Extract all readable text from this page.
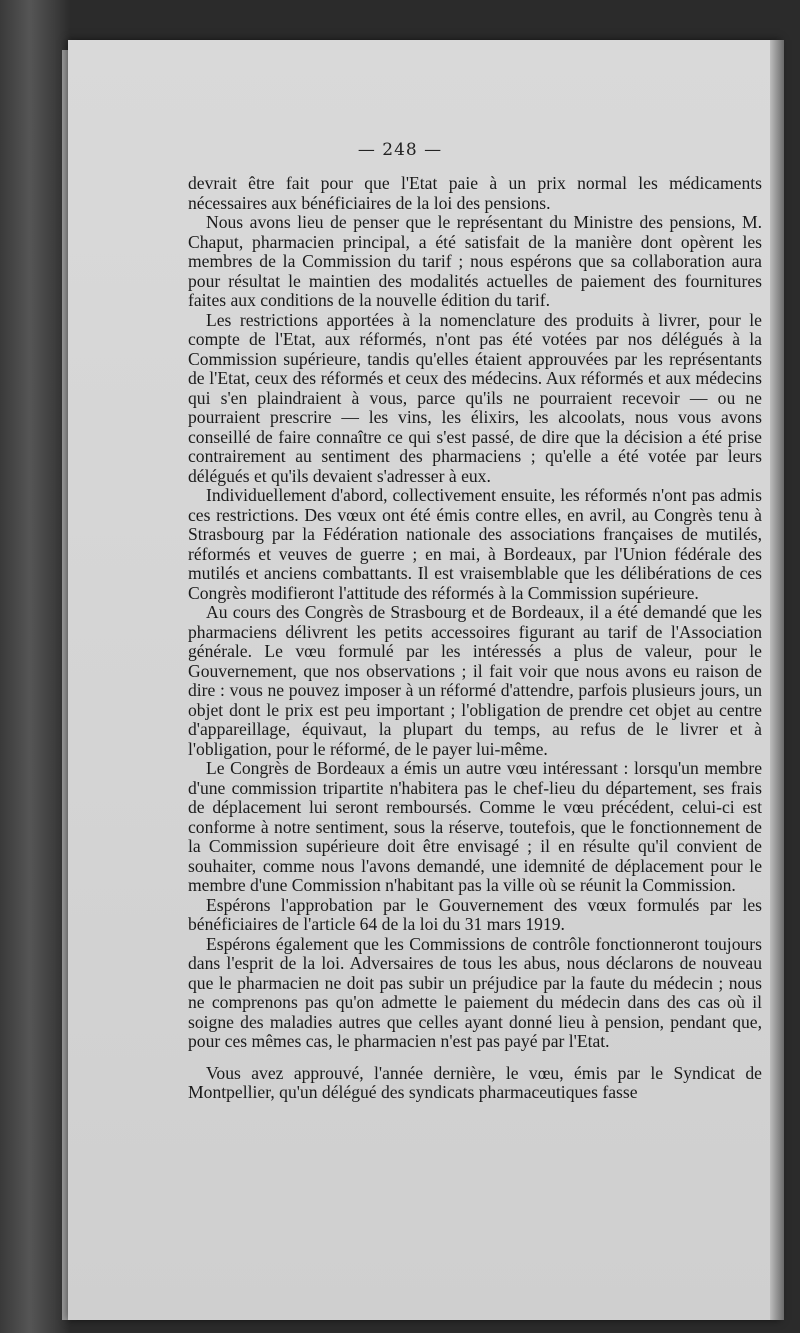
— 248 —

devrait être fait pour que l'Etat paie à un prix normal les médicaments nécessaires aux bénéficiaires de la loi des pensions.

Nous avons lieu de penser que le représentant du Ministre des pensions, M. Chaput, pharmacien principal, a été satisfait de la manière dont opèrent les membres de la Commission du tarif ; nous espérons que sa collaboration aura pour résultat le maintien des modalités actuelles de paiement des fournitures faites aux conditions de la nouvelle édition du tarif.

Les restrictions apportées à la nomenclature des produits à livrer, pour le compte de l'Etat, aux réformés, n'ont pas été votées par nos délégués à la Commission supérieure, tandis qu'elles étaient approuvées par les représentants de l'Etat, ceux des réformés et ceux des médecins. Aux réformés et aux médecins qui s'en plaindraient à vous, parce qu'ils ne pourraient recevoir — ou ne pourraient prescrire — les vins, les élixirs, les alcoolats, nous vous avons conseillé de faire connaître ce qui s'est passé, de dire que la décision a été prise contrairement au sentiment des pharmaciens ; qu'elle a été votée par leurs délégués et qu'ils devaient s'adresser à eux.

Individuellement d'abord, collectivement ensuite, les réformés n'ont pas admis ces restrictions. Des vœux ont été émis contre elles, en avril, au Congrès tenu à Strasbourg par la Fédération nationale des associations françaises de mutilés, réformés et veuves de guerre ; en mai, à Bordeaux, par l'Union fédérale des mutilés et anciens combattants. Il est vraisemblable que les délibérations de ces Congrès modifieront l'attitude des réformés à la Commission supérieure.

Au cours des Congrès de Strasbourg et de Bordeaux, il a été demandé que les pharmaciens délivrent les petits accessoires figurant au tarif de l'Association générale. Le vœu formulé par les intéressés a plus de valeur, pour le Gouvernement, que nos observations ; il fait voir que nous avons eu raison de dire : vous ne pouvez imposer à un réformé d'attendre, parfois plusieurs jours, un objet dont le prix est peu important ; l'obligation de prendre cet objet au centre d'appareillage, équivaut, la plupart du temps, au refus de le livrer et à l'obligation, pour le réformé, de le payer lui-même.

Le Congrès de Bordeaux a émis un autre vœu intéressant : lorsqu'un membre d'une commission tripartite n'habitera pas le chef-lieu du département, ses frais de déplacement lui seront remboursés. Comme le vœu précédent, celui-ci est conforme à notre sentiment, sous la réserve, toutefois, que le fonctionnement de la Commission supérieure doit être envisagé ; il en résulte qu'il convient de souhaiter, comme nous l'avons demandé, une idemnité de déplacement pour le membre d'une Commission n'habitant pas la ville où se réunit la Commission.

Espérons l'approbation par le Gouvernement des vœux formulés par les bénéficiaires de l'article 64 de la loi du 31 mars 1919.

Espérons également que les Commissions de contrôle fonctionneront toujours dans l'esprit de la loi. Adversaires de tous les abus, nous déclarons de nouveau que le pharmacien ne doit pas subir un préjudice par la faute du médecin ; nous ne comprenons pas qu'on admette le paiement du médecin dans des cas où il soigne des maladies autres que celles ayant donné lieu à pension, pendant que, pour ces mêmes cas, le pharmacien n'est pas payé par l'Etat.

Vous avez approuvé, l'année dernière, le vœu, émis par le Syndicat de Montpellier, qu'un délégué des syndicats pharmaceutiques fasse
